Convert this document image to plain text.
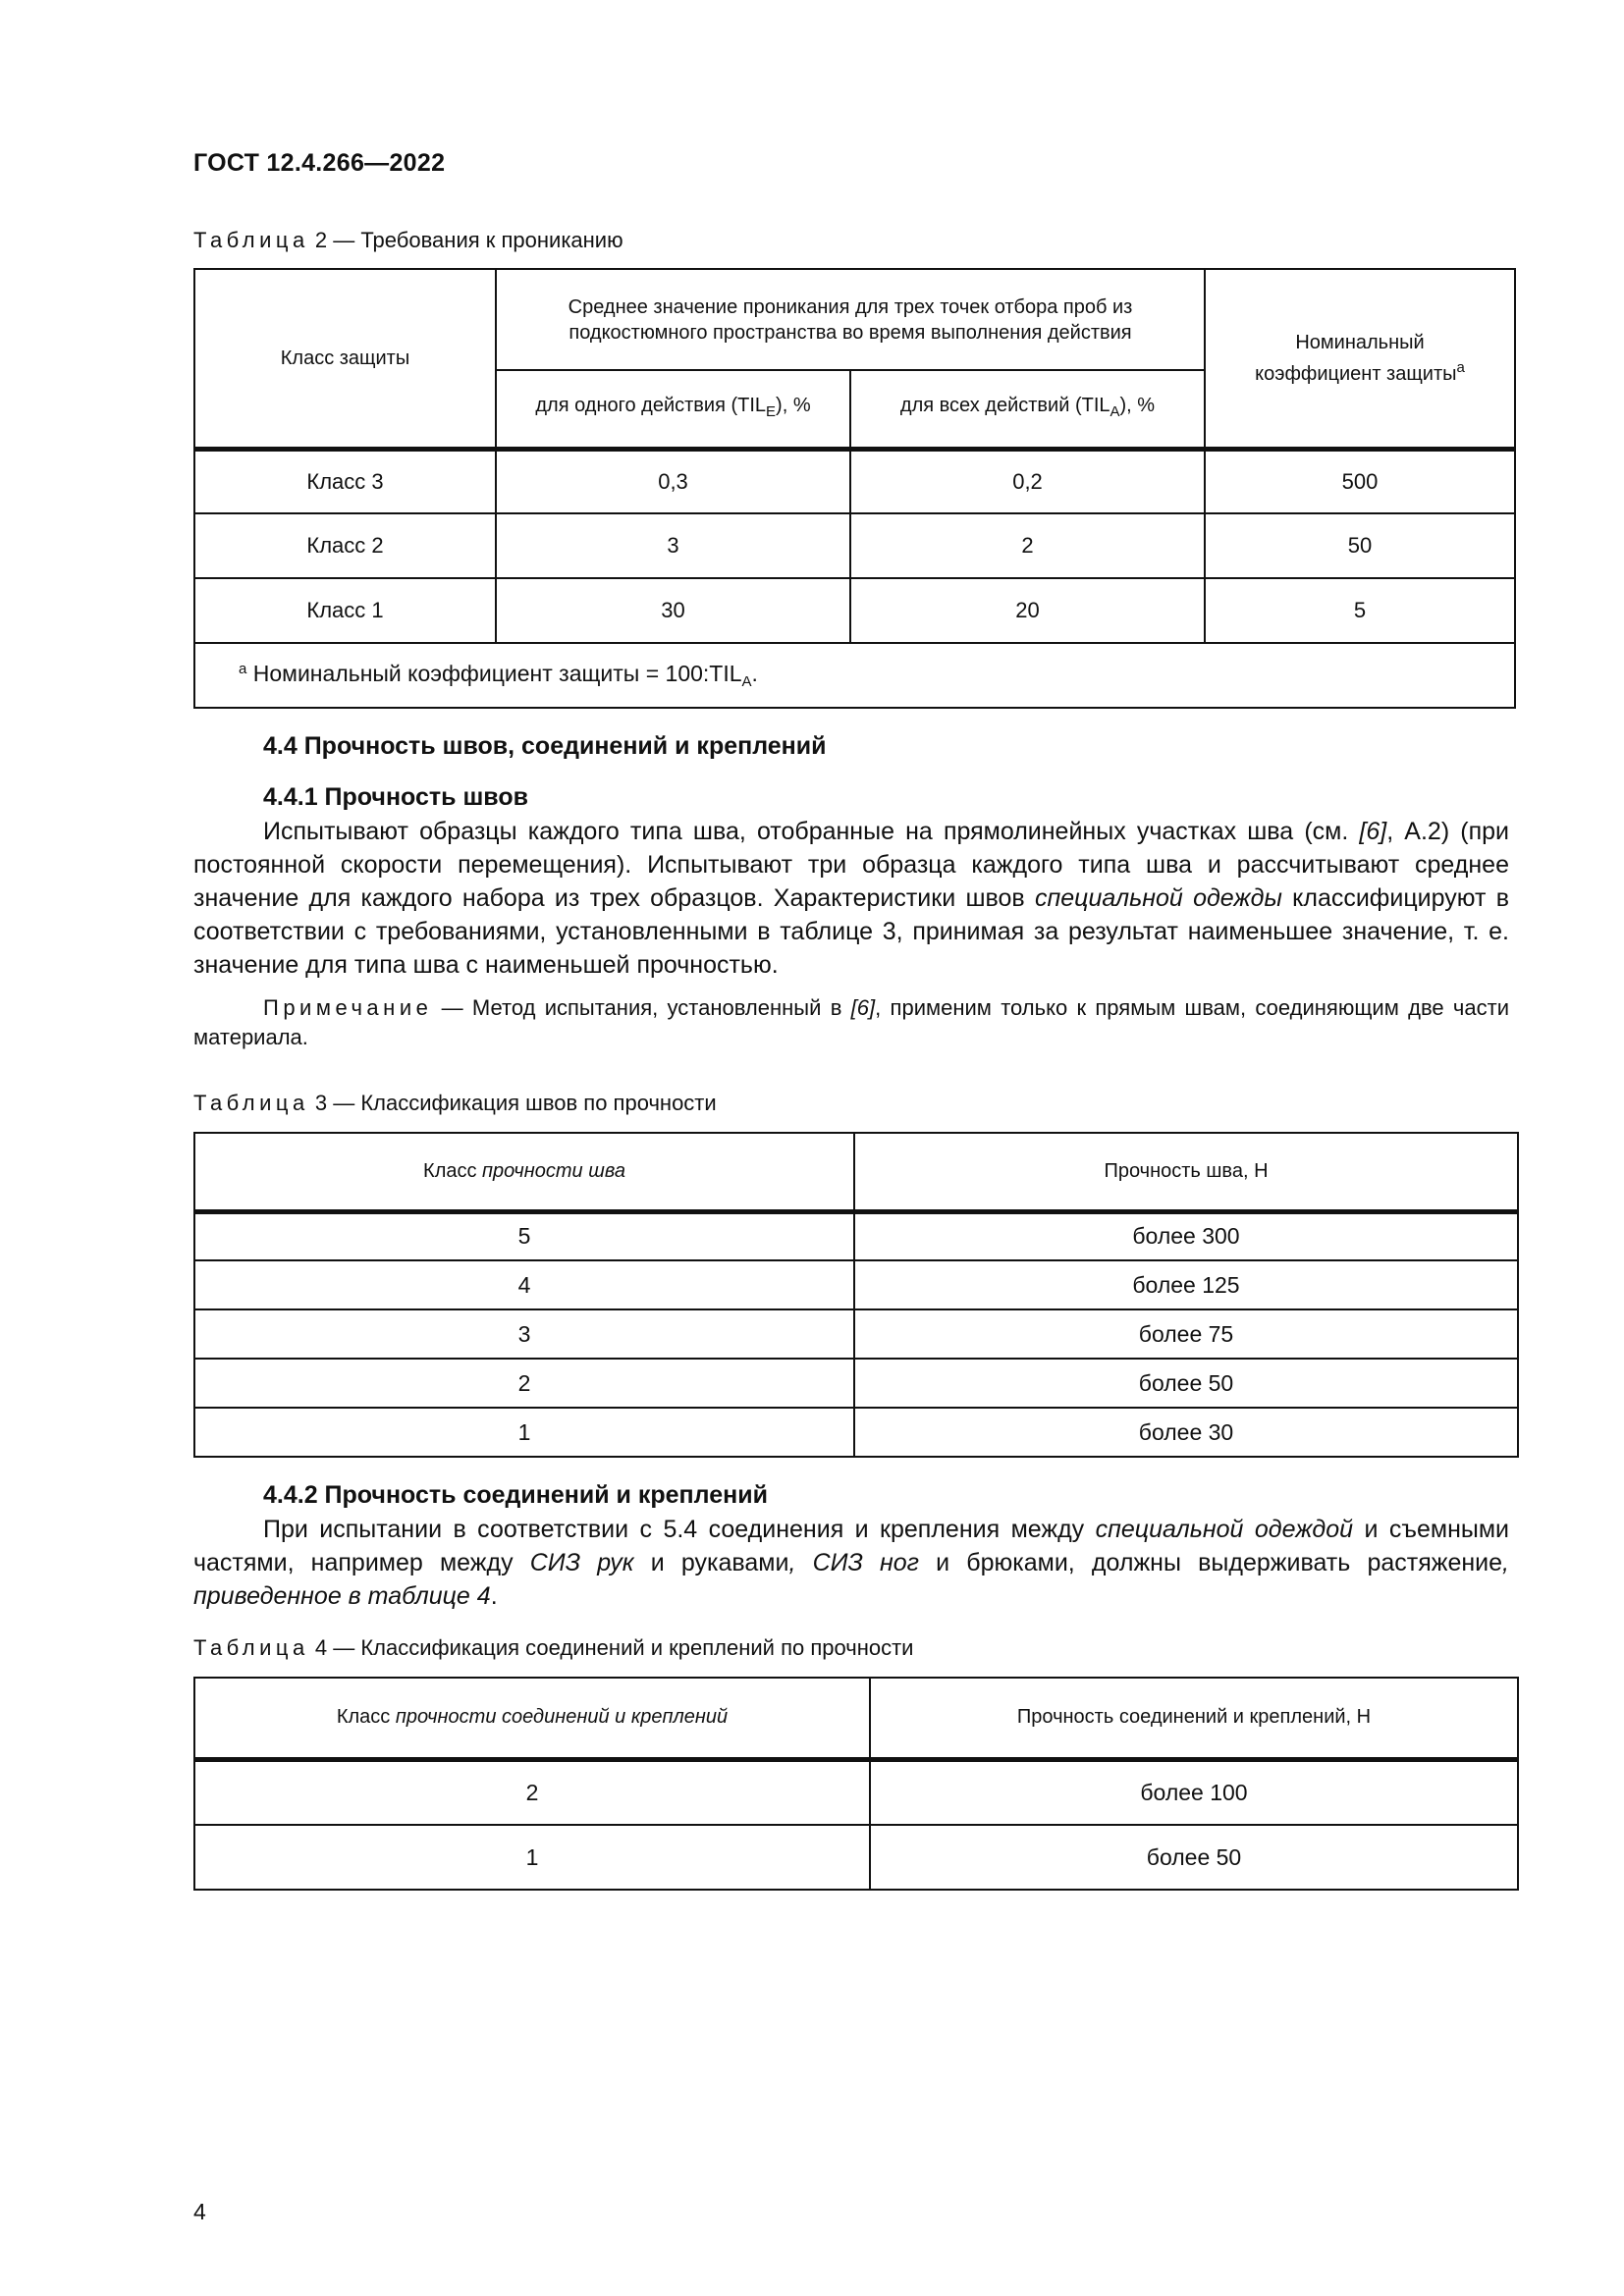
ГОСТ 12.4.266—2022
Таблица 2 — Требования к прониканию
Класс защиты	Среднее значение проникания для трех точек отбора проб из подкостюмного пространства во время выполнения действия		Номинальный коэффициент защиты$^a$
	для одного действия $(TIL_E)$, %	для всех действий $(TIL_A)$, %	
Класс 3	0,3	0,2	500
Класс 2	3	2	50
Класс 1	30	20	5
$^a$ Номинальный коэффициент защиты = $100:TIL_A$.			
4.4 Прочность швов, соединений и креплений
4.4.1 Прочность швов
Испытывают образцы каждого типа шва, отобранные на прямолинейных участках шва (см. [6], А.2) (при постоянной скорости перемещения). Испытывают три образца каждого типа шва и рассчитывают среднее значение для каждого набора из трех образцов. Характеристики швов специальной одежды классифицируют в соответствии с требованиями, установленными в таблице 3, принимая за результат наименьшее значение, т. е. значение для типа шва с наименьшей прочностью.
Примечание — Метод испытания, установленный в [6], применим только к прямым швам, соединяющим две части материала.
Таблица 3 — Классификация швов по прочности
Класс прочности шва	Прочность шва, Н
5	более 300
4	более 125
3	более 75
2	более 50
1	более 30
4.4.2 Прочность соединений и креплений
При испытании в соответствии с 5.4 соединения и крепления между специальной одеждой и съемными частями, например между СИЗ рук и рукавами, СИЗ ног и брюками, должны выдерживать растяжение, приведенное в таблице 4.
Таблица 4 — Классификация соединений и креплений по прочности
Класс прочности соединений и креплений	Прочность соединений и креплений, Н
2	более 100
1	более 50
4
